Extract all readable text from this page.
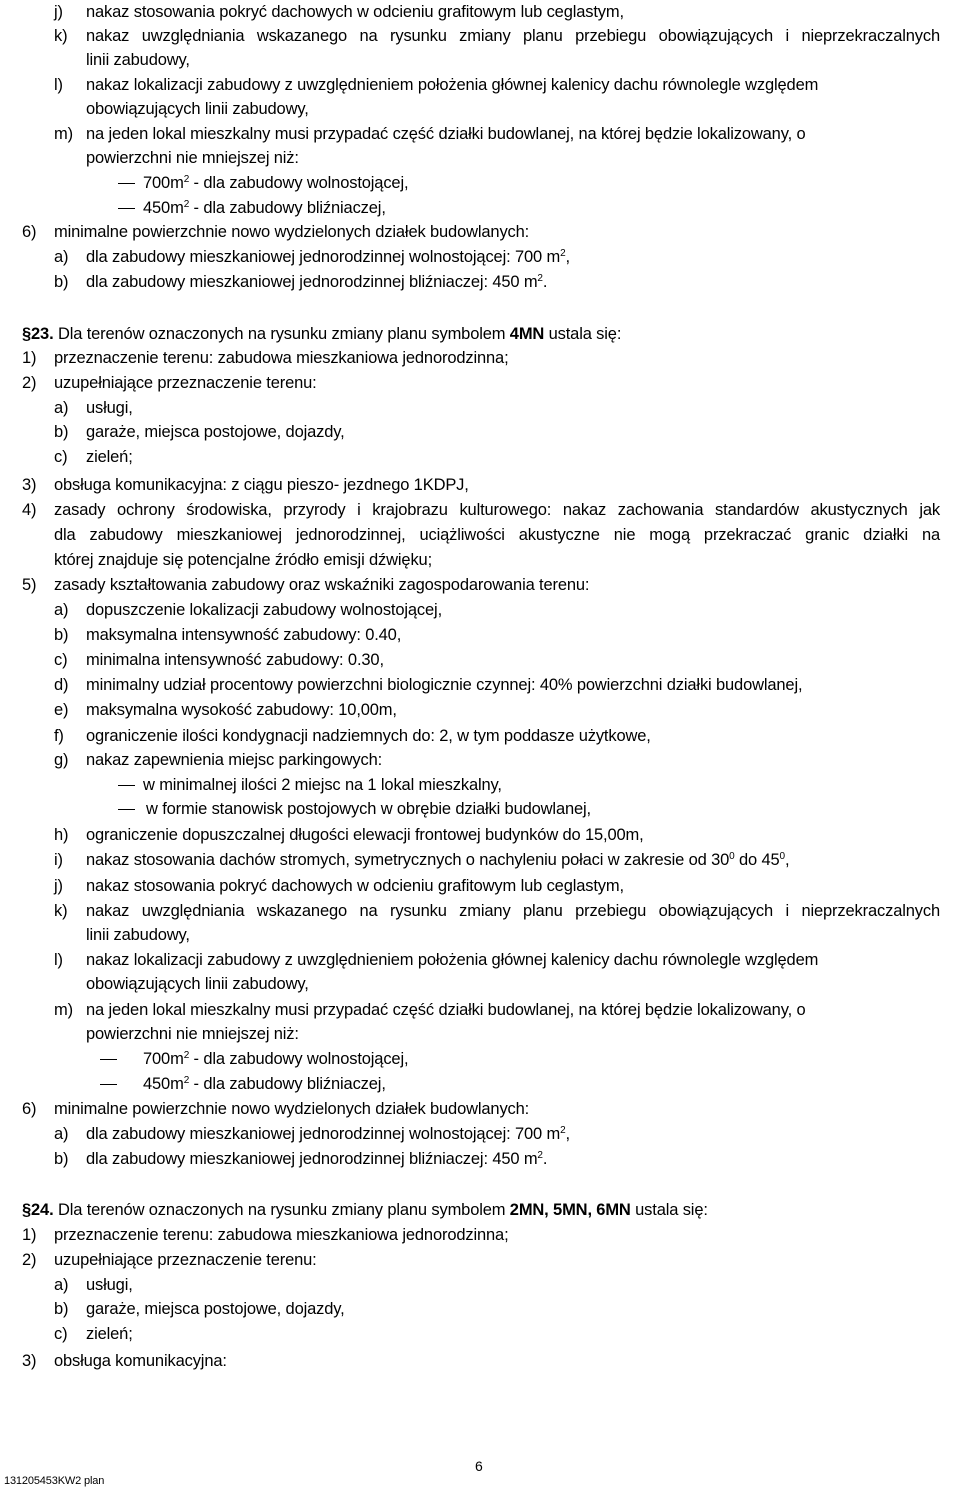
j) nakaz stosowania pokryć dachowych w odcieniu grafitowym lub ceglastym,
k) nakaz uwzględniania wskazanego na rysunku zmiany planu przebiegu obowiązujących i nieprzekraczalnych
linii zabudowy,
l) nakaz lokalizacji zabudowy z uwzględnieniem położenia głównej kalenicy dachu równolegle względem
obowiązujących linii zabudowy,
m) na jeden lokal mieszkalny musi przypadać część działki budowlanej, na której będzie lokalizowany, o
powierzchni nie mniejszej niż:
$700m^2$ - dla zabudowy wolnostojącej,
$450m^2$ - dla zabudowy bliźniaczej,
6) minimalne powierzchnie nowo wydzielonych działek budowlanych:
a) dla zabudowy mieszkaniowej jednorodzinnej wolnostojącej: 700 $m^2$,
b) dla zabudowy mieszkaniowej jednorodzinnej bliźniaczej: 450 $m^2$.
§23. Dla terenów oznaczonych na rysunku zmiany planu symbolem 4MN ustala się:
1) przeznaczenie terenu: zabudowa mieszkaniowa jednorodzinna;
2) uzupełniające przeznaczenie terenu:
a) usługi,
b) garaże, miejsca postojowe, dojazdy,
c) zieleń;
3) obsługa komunikacyjna: z ciągu pieszo- jezdnego 1KDPJ,
4) zasady ochrony środowiska, przyrody i krajobrazu kulturowego: nakaz zachowania standardów akustycznych jak
dla zabudowy mieszkaniowej jednorodzinnej, uciążliwości akustyczne nie mogą przekraczać granic działki na
której znajduje się potencjalne źródło emisji dźwięku;
5) zasady kształtowania zabudowy oraz wskaźniki zagospodarowania terenu:
a) dopuszczenie lokalizacji zabudowy wolnostojącej,
b) maksymalna intensywność zabudowy: 0.40,
c) minimalna intensywność zabudowy: 0.30,
d) minimalny udział procentowy powierzchni biologicznie czynnej: 40% powierzchni działki budowlanej,
e) maksymalna wysokość zabudowy: 10,00m,
f) ograniczenie ilości kondygnacji nadziemnych do: 2, w tym poddasze użytkowe,
g) nakaz zapewnienia miejsc parkingowych:
w minimalnej ilości 2 miejsc na 1 lokal mieszkalny,
w formie stanowisk postojowych w obrębie działki budowlanej,
h) ograniczenie dopuszczalnej długości elewacji frontowej budynków do 15,00m,
i) nakaz stosowania dachów stromych, symetrycznych o nachyleniu połaci w zakresie od $30^0$ do $45^0$,
j) nakaz stosowania pokryć dachowych w odcieniu grafitowym lub ceglastym,
k) nakaz uwzględniania wskazanego na rysunku zmiany planu przebiegu obowiązujących i nieprzekraczalnych
linii zabudowy,
l) nakaz lokalizacji zabudowy z uwzględnieniem położenia głównej kalenicy dachu równolegle względem
obowiązujących linii zabudowy,
m) na jeden lokal mieszkalny musi przypadać część działki budowlanej, na której będzie lokalizowany, o
powierzchni nie mniejszej niż:
$700m^2$ - dla zabudowy wolnostojącej,
$450m^2$ - dla zabudowy bliźniaczej,
6) minimalne powierzchnie nowo wydzielonych działek budowlanych:
a) dla zabudowy mieszkaniowej jednorodzinnej wolnostojącej: 700 $m^2$,
b) dla zabudowy mieszkaniowej jednorodzinnej bliźniaczej: 450 $m^2$.
§24. Dla terenów oznaczonych na rysunku zmiany planu symbolem 2MN, 5MN, 6MN ustala się:
1) przeznaczenie terenu: zabudowa mieszkaniowa jednorodzinna;
2) uzupełniające przeznaczenie terenu:
a) usługi,
b) garaże, miejsca postojowe, dojazdy,
c) zieleń;
3) obsługa komunikacyjna:
6
131205453KW2 plan
